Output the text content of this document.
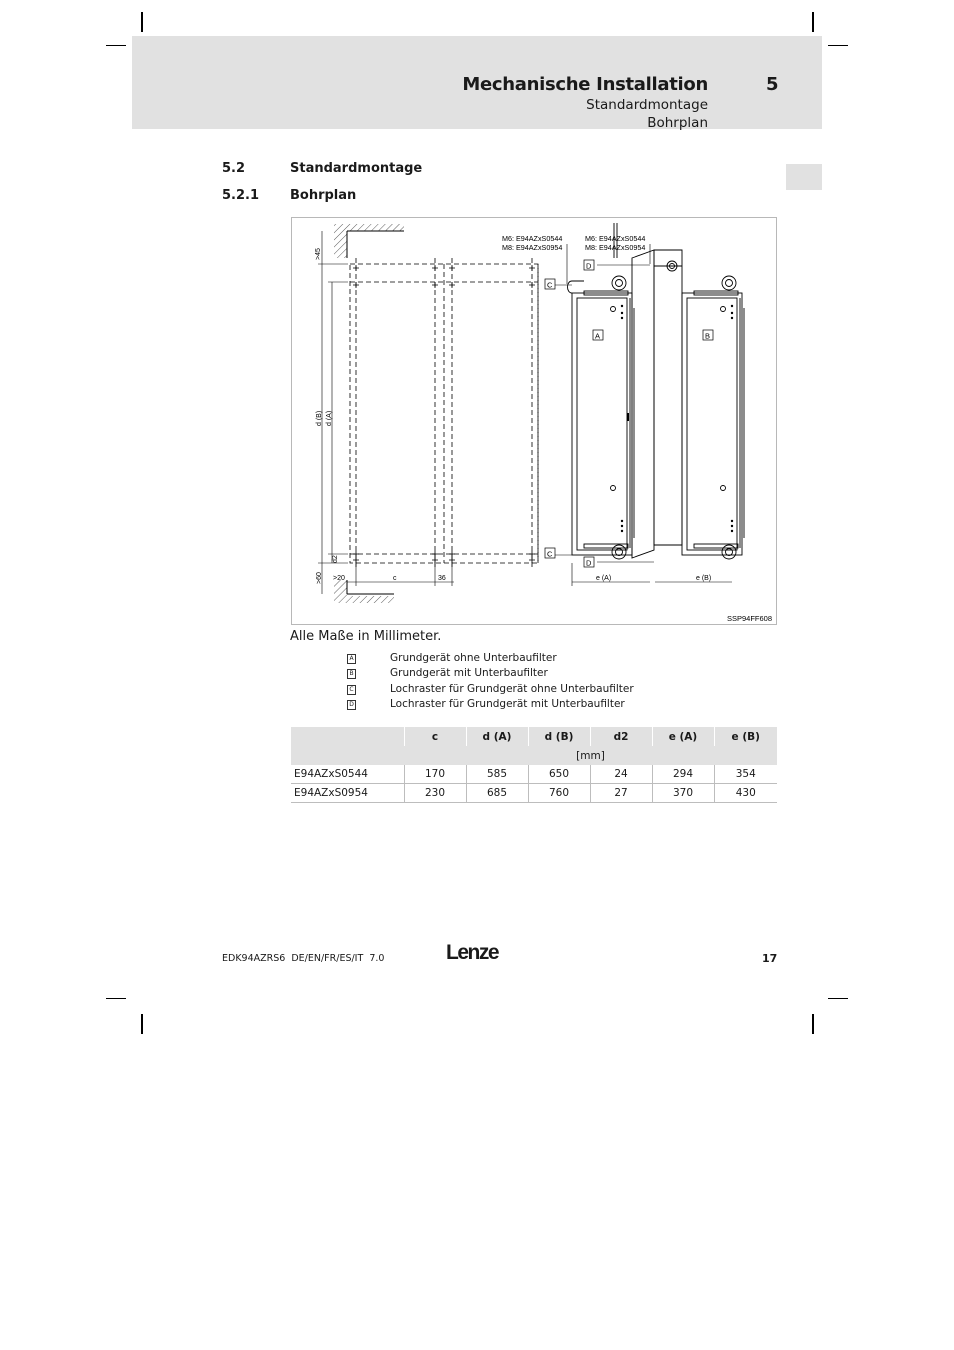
Mechanische Installation	5
Standardmontage
Bohrplan
5.2	Standardmontage
5.2.1 Bohrplan
M6: E94AZxS0544
M8: E94AZxS0954
M6: E94AZxS0544
M8: E94AZxS0954
C
D
A	B
C
D
>45
d (B) d (A)
d2
>60 >20	c	36	e (A)	e (B)
SSP94FF608
Alle Maße in Millimeter.
A	Grundgerät ohne Unterbaufilter
B	Grundgerät mit Unterbaufilter
C	Lochraster für Grundgerät ohne Unterbaufilter
D	Lochraster für Grundgerät mit Unterbaufilter
	c	d (A)	d (B)	d2	e (A)	e (B)
	[mm]					
E94AZxS0544	170	585	650	24	294	354
E94AZxS0954	230	685	760	27	370	430
EDK94AZRS6  DE/EN/FR/ES/IT  7.0	Lenze	17
